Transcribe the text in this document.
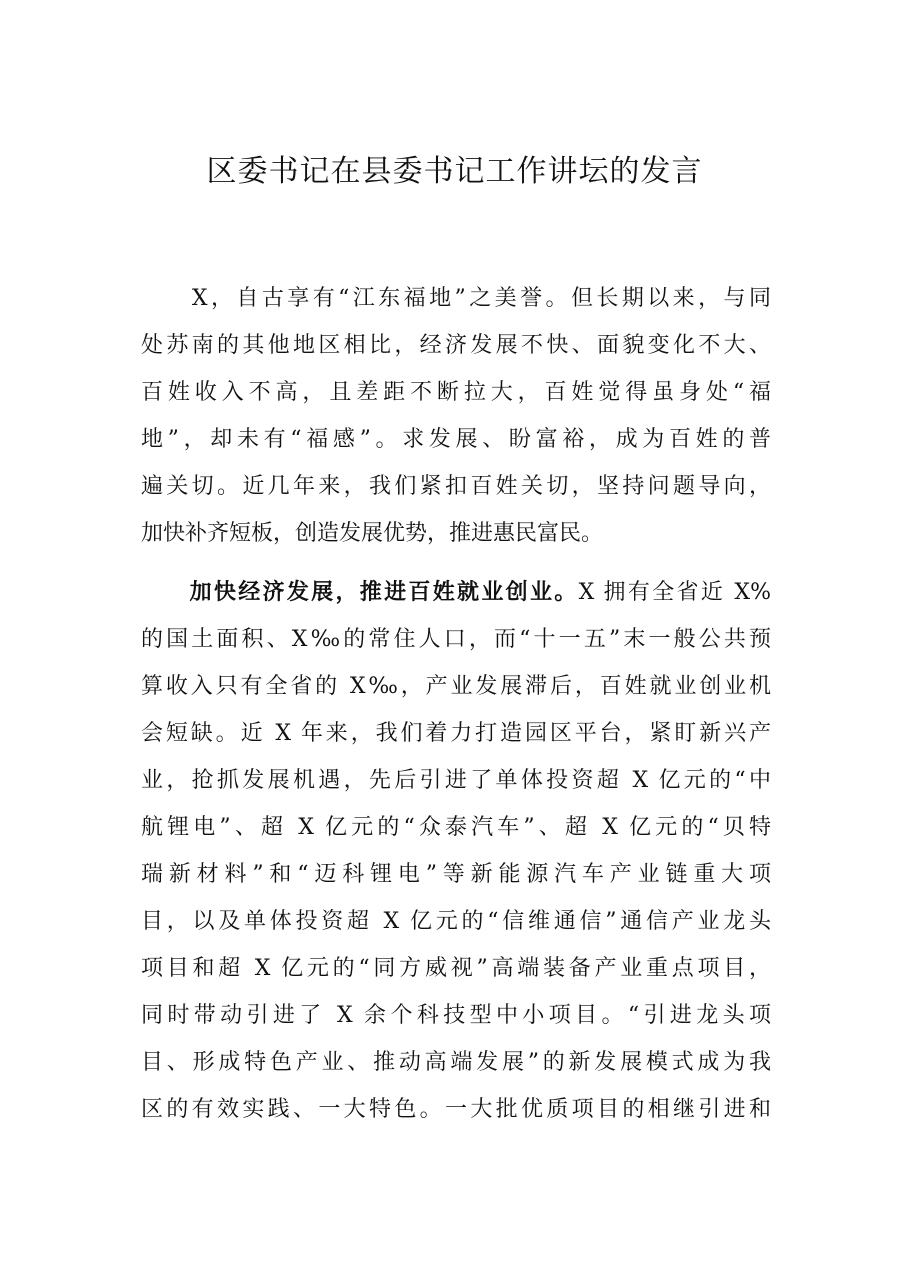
区委书记在县委书记工作讲坛的发言
　　X，自古享有“江东福地”之美誉。但长期以来，与同
处苏南的其他地区相比，经济发展不快、面貌变化不大、
百姓收入不高，且差距不断拉大，百姓觉得虽身处“福
地”，却未有“福感”。求发展、盼富裕，成为百姓的普
遍关切。近几年来，我们紧扣百姓关切，坚持问题导向，
加快补齐短板，创造发展优势，推进惠民富民。
　　加快经济发展，推进百姓就业创业。X 拥有全省近 X%
的国土面积、X‰的常住人口，而“十一五”末一般公共预
算收入只有全省的 X‰，产业发展滞后，百姓就业创业机
会短缺。近 X 年来，我们着力打造园区平台，紧盯新兴产
业，抢抓发展机遇，先后引进了单体投资超 X 亿元的“中
航锂电”、超 X 亿元的“众泰汽车”、超 X 亿元的“贝特
瑞新材料”和“迈科锂电”等新能源汽车产业链重大项
目，以及单体投资超 X 亿元的“信维通信”通信产业龙头
项目和超 X 亿元的“同方威视”高端装备产业重点项目，
同时带动引进了 X 余个科技型中小项目。“引进龙头项
目、形成特色产业、推动高端发展”的新发展模式成为我
区的有效实践、一大特色。一大批优质项目的相继引进和
